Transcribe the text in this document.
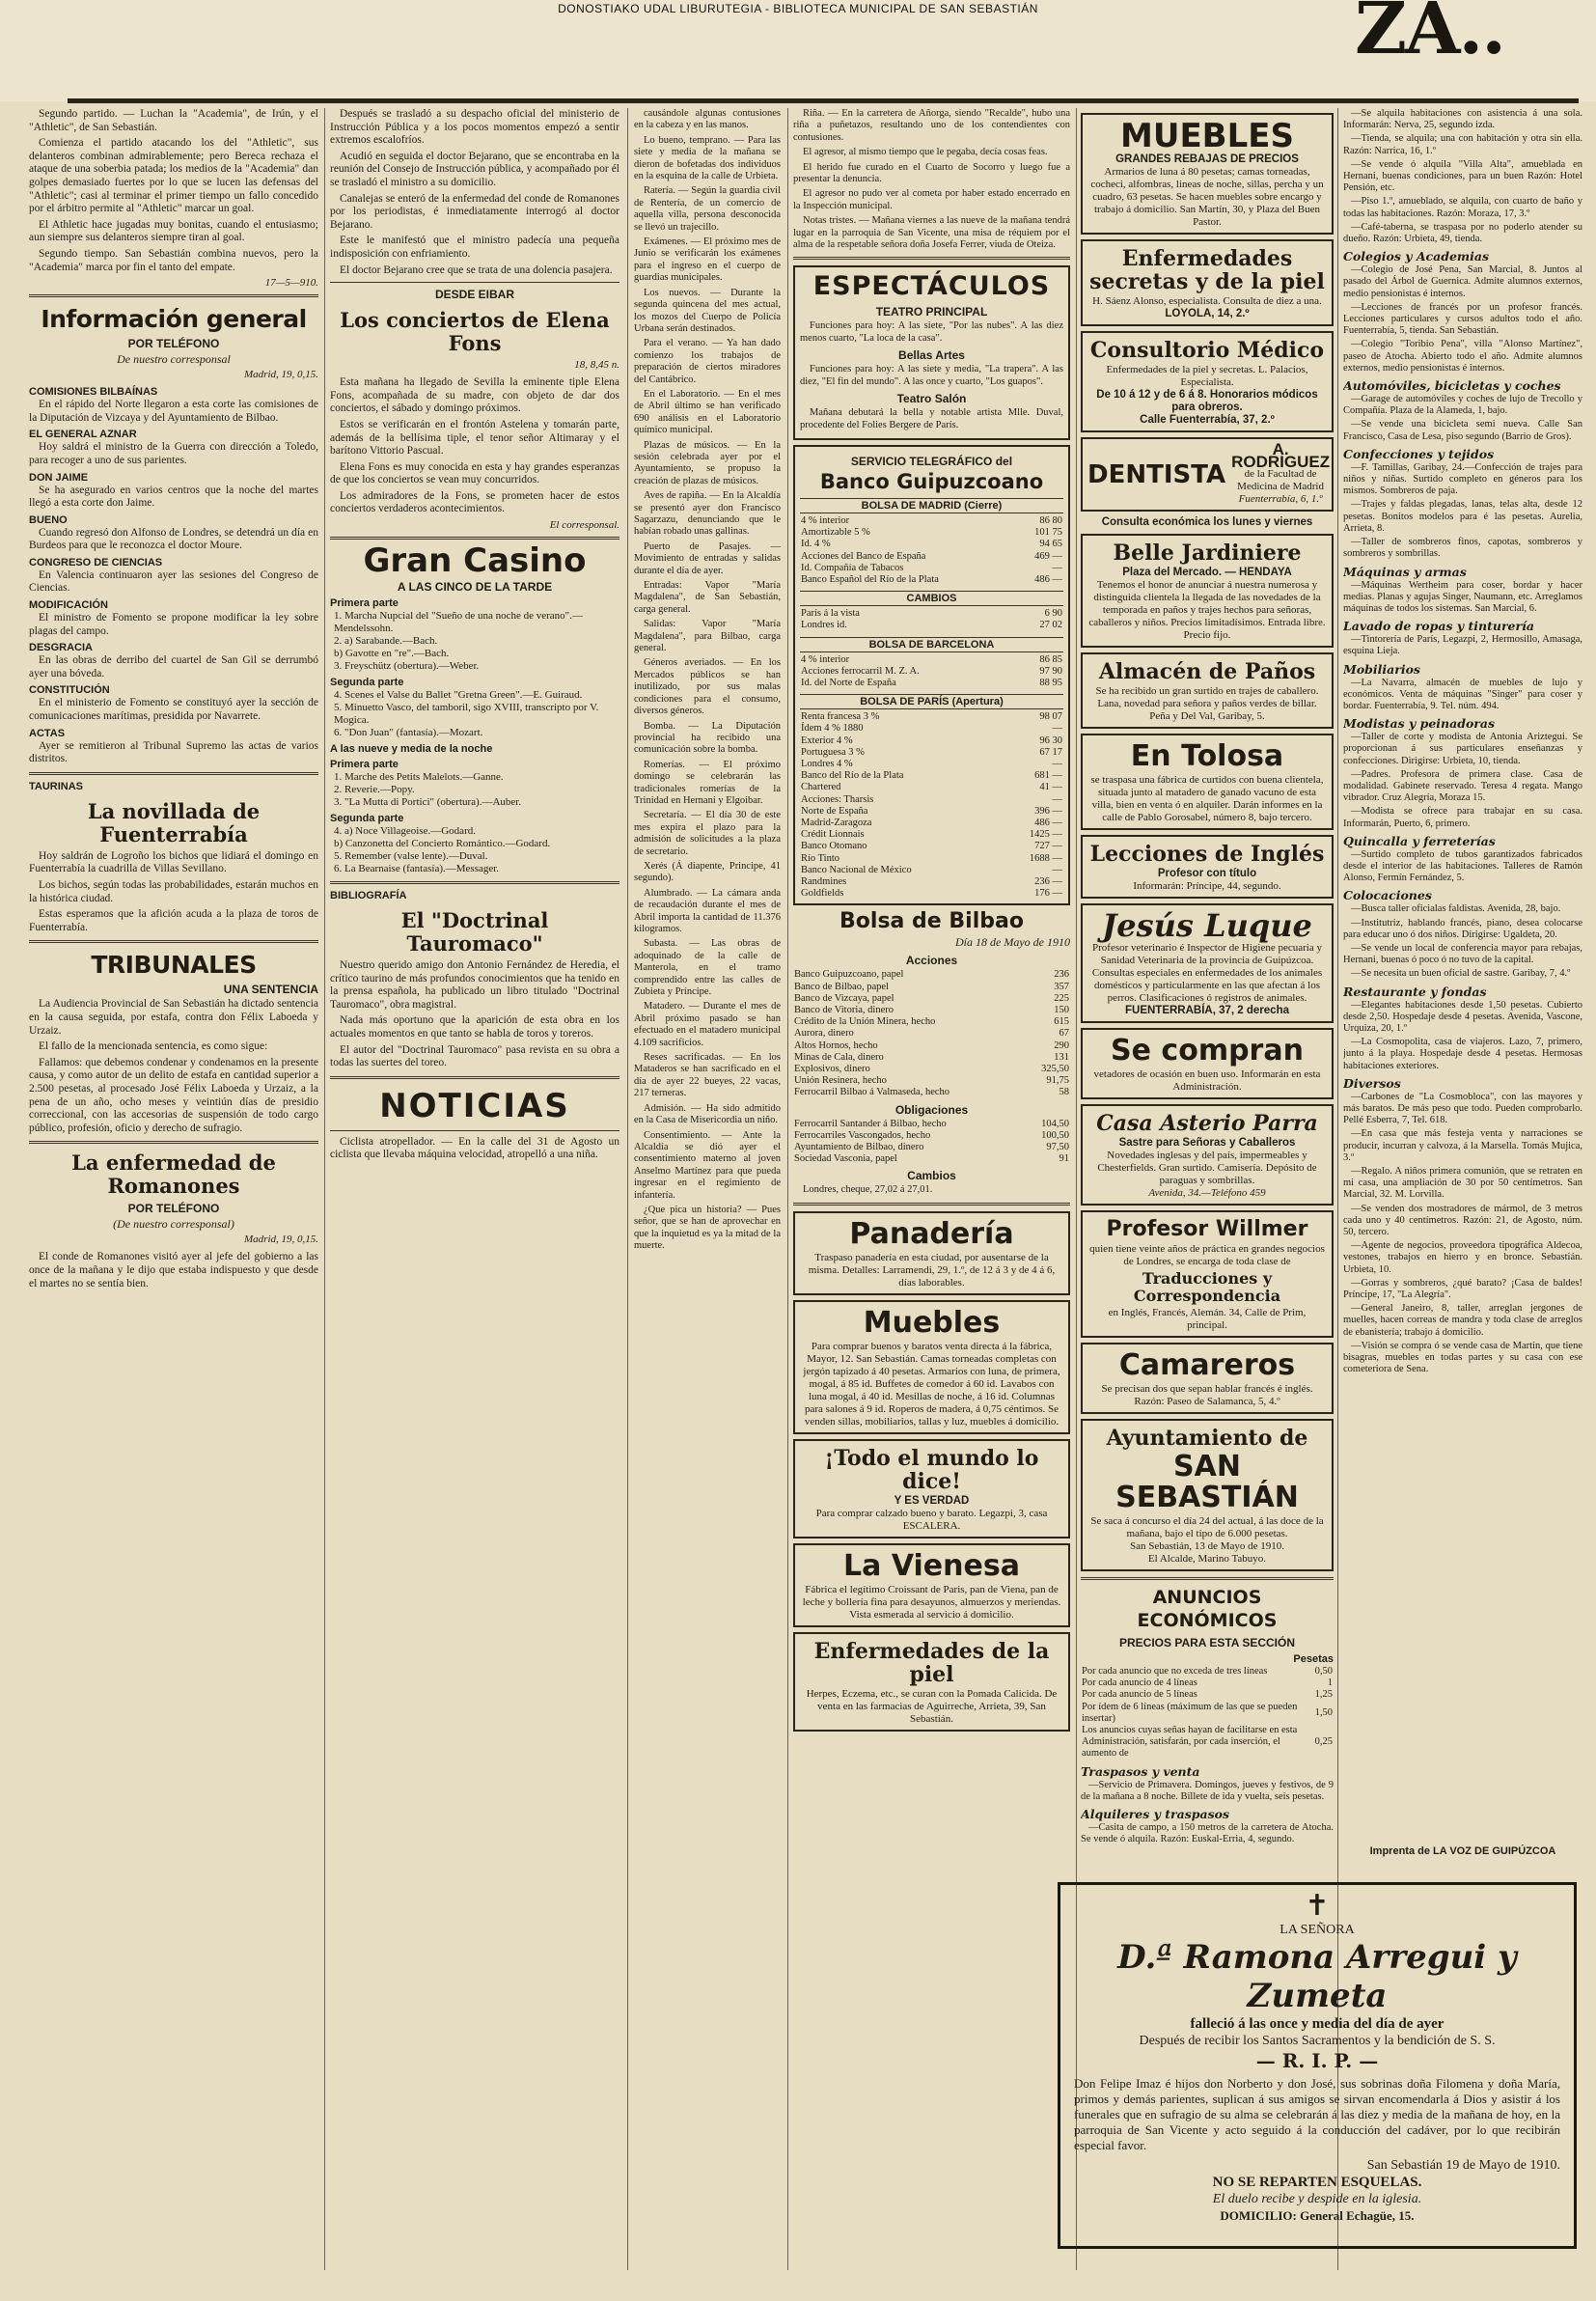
DONOSTIAKO UDAL LIBURUTEGIA - BIBLIOTECA MUNICIPAL DE SAN SEBASTIÁN	ZA..

Segundo partido. — Luchan la "Academia", de Irún, y el "Athletic", de San Sebastián.

Comienza el partido atacando los del "Athletic", sus delanteros combinan admirablemente; pero Bereca rechaza el ataque de una soberbia patada; los medios de la "Academia" dan golpes demasiado fuertes por lo que se lucen las defensas del "Athletic"; casi al terminar el primer tiempo un fallo concedido por el árbitro permite al "Athletic" marcar un goal.

El Athletic hace jugadas muy bonitas, cuando el entusiasmo; aun siempre sus delanteros siempre tiran al goal.

Segundo tiempo. San Sebastián combina nuevos, pero la "Academia" marca por fin el tanto del empate.

17—5—910.
Información general
POR TELÉFONO
De nuestro corresponsal
Madrid, 19, 0,15.
COMISIONES BILBAÍNAS

En el rápido del Norte llegaron a esta corte las comisiones de la Diputación de Vizcaya y del Ayuntamiento de Bilbao.

EL GENERAL AZNAR

Hoy saldrá el ministro de la Guerra con dirección a Toledo, para recoger a uno de sus parientes.

DON JAIME

Se ha asegurado en varios centros que la noche del martes llegó a esta corte don Jaime.

BUENO

Cuando regresó don Alfonso de Londres, se detendrá un día en Burdeos para que le reconozca el doctor Moure.

CONGRESO DE CIENCIAS

En Valencia continuaron ayer las sesiones del Congreso de Ciencias.

MODIFICACIÓN

El ministro de Fomento se propone modificar la ley sobre plagas del campo.

DESGRACIA

En las obras de derribo del cuartel de San Gil se derrumbó ayer una bóveda.

CONSTITUCIÓN

En el ministerio de Fomento se constituyó ayer la sección de comunicaciones marítimas, presidida por Navarrete.

ACTAS

Ayer se remitieron al Tribunal Supremo las actas de varios distritos.

TAURINAS
La novillada de Fuenterrabía

Hoy saldrán de Logroño los bichos que lidiará el domingo en Fuenterrabía la cuadrilla de Villas Sevillano.

Los bichos, según todas las probabilidades, estarán muchos en la histórica ciudad.

Estas esperamos que la afición acuda a la plaza de toros de Fuenterrabía.

TRIBUNALES
UNA SENTENCIA

La Audiencia Provincial de San Sebastián ha dictado sentencia en la causa seguida, por estafa, contra don Félix Laboeda y Urzaiz.

El fallo de la mencionada sentencia, es como sigue:

Fallamos: que debemos condenar y condenamos en la presente causa, y como autor de un delito de estafa en cantidad superior a 2.500 pesetas, al procesado José Félix Laboeda y Urzaiz, a la pena de un año, ocho meses y veintiún días de presidio correccional, con las accesorias de suspensión de todo cargo público, profesión, oficio y derecho de sufragio.

La enfermedad de Romanones
POR TELÉFONO
(De nuestro corresponsal)
Madrid, 19, 0,15.

El conde de Romanones visitó ayer al jefe del gobierno a las once de la mañana y le dijo que estaba indispuesto y que desde el martes no se sentía bien.

Después se trasladó a su despacho oficial del ministerio de Instrucción Pública y a los pocos momentos empezó a sentir extremos escalofríos.

Acudió en seguida el doctor Bejarano, que se encontraba en la reunión del Consejo de Instrucción pública, y acompañado por él se trasladó el ministro a su domicilio.

Canalejas se enteró de la enfermedad del conde de Romanones por los periodistas, é inmediatamente interrogó al doctor Bejarano.

Este le manifestó que el ministro padecía una pequeña indisposición con enfriamiento.

El doctor Bejarano cree que se trata de una dolencia pasajera.

DESDE EIBAR
Los conciertos de Elena Fons
18, 8,45 n.

Esta mañana ha llegado de Sevilla la eminente tiple Elena Fons, acompañada de su madre, con objeto de dar dos conciertos, el sábado y domingo próximos.

Estos se verificarán en el frontón Astelena y tomarán parte, además de la bellísima tiple, el tenor señor Altimaray y el barítono Vittorio Pascual.

Elena Fons es muy conocida en esta y hay grandes esperanzas de que los conciertos se vean muy concurridos.

Los admiradores de la Fons, se prometen hacer de estos conciertos verdaderos acontecimientos.

El corresponsal.
Gran Casino
A LAS CINCO DE LA TARDE
Primera parte
1. Marcha Nupcial del "Sueño de una noche de verano".—Mendelssohn.
2. a) Sarabande.—Bach.
b) Gavotte en "re".—Bach.
3. Freyschütz (obertura).—Weber.
Segunda parte
4. Scenes el Valse du Ballet "Gretna Green".—E. Guiraud.
5. Minuetto Vasco, del tamboril, sigo XVIII, transcripto por V. Mogica.
6. "Don Juan" (fantasía).—Mozart.
A las nueve y media de la noche
Primera parte
1. Marche des Petits Malelots.—Ganne.
2. Reverie.—Popy.
3. "La Mutta di Portici" (obertura).—Auber.
Segunda parte
4. a) Noce Villageoise.—Godard.
b) Canzonetta del Concierto Romántico.—Godard.
5. Remember (valse lente).—Duval.
6. La Bearnaise (fantasía).—Messager.
BIBLIOGRAFÍA
El "Doctrinal Tauromaco"

Nuestro querido amigo don Antonio Fernández de Heredia, el crítico taurino de más profundos conocimientos que ha tenido en la prensa española, ha publicado un libro titulado "Doctrinal Tauromaco", obra magistral.

Nada más oportuno que la aparición de esta obra en los actuales momentos en que tanto se habla de toros y toreros.

El autor del "Doctrinal Tauromaco" pasa revista en su obra a todas las suertes del toreo.

NOTICIAS

Ciclista atropellador. — En la calle del 31 de Agosto un ciclista que llevaba máquina velocidad, atropelló a una niña.

causándole algunas contusiones en la cabeza y en las manos.

Lo bueno, temprano. — Para las siete y media de la mañana se dieron de bofetadas dos individuos en la esquina de la calle de Urbieta.

Ratería. — Según la guardia civil de Rentería, de un comercio de aquella villa, persona desconocida se llevó un trajecillo.

Exámenes. — El próximo mes de Junio se verificarán los exámenes para el ingreso en el cuerpo de guardias municipales.

Los nuevos. — Durante la segunda quincena del mes actual, los mozos del Cuerpo de Policía Urbana serán destinados.

Para el verano. — Ya han dado comienzo los trabajos de preparación de ciertos miradores del Cantábrico.

En el Laboratorio. — En el mes de Abril último se han verificado 690 análisis en el Laboratorio químico municipal.

Plazas de músicos. — En la sesión celebrada ayer por el Ayuntamiento, se propuso la creación de plazas de músicos.

Aves de rapiña. — En la Alcaldía se presentó ayer don Francisco Sagarzazu, denunciando que le habían robado unas gallinas.

Puerto de Pasajes. — Movimiento de entradas y salidas durante el día de ayer.

Entradas: Vapor "María Magdalena", de San Sebastián, carga general.

Salidas: Vapor "María Magdalena", para Bilbao, carga general.

Géneros averiados. — En los Mercados públicos se han inutilizado, por sus malas condiciones para el consumo, diversos géneros.

Bomba. — La Diputación provincial ha recibido una comunicación sobre la bomba.

Romerías. — El próximo domingo se celebrarán las tradicionales romerías de la Trinidad en Hernani y Elgoibar.

Secretaría. — El día 30 de este mes expira el plazo para la admisión de solicitudes a la plaza de secretario.

Xerés (Á diapente, Principe, 41 segundo).

Alumbrado. — La cámara anda de recaudación durante el mes de Abril importa la cantidad de 11.376 kilogramos.

Subasta. — Las obras de adoquinado de la calle de Manterola, en el tramo comprendido entre las calles de Zubieta y Príncipe.

Matadero. — Durante el mes de Abril próximo pasado se han efectuado en el matadero municipal 4.109 sacrificios.

Reses sacrificadas. — En los Mataderos se han sacrificado en el día de ayer 22 bueyes, 22 vacas, 217 terneras.

Admisión. — Ha sido admitido en la Casa de Misericordia un niño.

Consentimiento. — Ante la Alcaldía se dió ayer el consentimiento materno al joven Anselmo Martínez para que pueda ingresar en el regimiento de infantería.

¿Que pica un historia? — Pues señor, que se han de aprovechar en que la inquietud es ya la mitad de la muerte.

Riña. — En la carretera de Añorga, siendo "Recalde", hubo una riña a puñetazos, resultando uno de los contendientes con contusiones.

El agresor, al mismo tiempo que le pegaba, decía cosas feas.

El herido fue curado en el Cuarto de Socorro y luego fue a presentar la denuncia.

El agresor no pudo ver al cometa por haber estado encerrado en la Inspección municipal.

Notas tristes. — Mañana viernes a las nueve de la mañana tendrá lugar en la parroquia de San Vicente, una misa de réquiem por el alma de la respetable señora doña Josefa Ferrer, viuda de Oteiza.

ESPECTÁCULOS
TEATRO PRINCIPAL

Funciones para hoy: A las siete, "Por las nubes". A las diez menos cuarto, "La loca de la casa".

Bellas Artes

Funciones para hoy: A las siete y media, "La trapera". A las diez, "El fin del mundo". A las once y cuarto, "Los guapos".

Teatro Salón

Mañana debutará la bella y notable artista Mlle. Duval, procedente del Folies Bergere de París.

SERVICIO TELEGRÁFICO del
Banco Guipuzcoano
BOLSA DE MADRID (Cierre)
4 % interior	86 80
Amortizable 5 %	101 75
Id. 4 %	94 65
Acciones del Banco de España	469 —
Id. Compañía de Tabacos	—
Banco Español del Río de la Plata	486 —
CAMBIOS
París á la vista	6 90
Londres id.	27 02
BOLSA DE BARCELONA
4 % interior	86 85
Acciones ferrocarril M. Z. A.	97 90
Id. del Norte de España	88 95
BOLSA DE PARÍS (Apertura)
Renta francesa 3 %	98 07
Ídem 4 % 1880	—
Exterior 4 %	96 30
Portuguesa 3 %	67 17
Londres 4 %	—
Banco del Río de la Plata	681 —
Chartered	41 —
Acciones: Tharsis	—
Norte de España	396 —
Madrid-Zaragoza	486 —
Crédit Lionnais	1425 —
Banco Otomano	727 —
Río Tinto	1688 —
Banco Nacional de México	—
Randmines	236 —
Goldfields	176 —
Bolsa de Bilbao
Día 18 de Mayo de 1910
Acciones
Banco Guipuzcoano, papel	236
Banco de Bilbao, papel	357
Banco de Vizcaya, papel	225
Banco de Vitoria, dinero	150
Crédito de la Unión Minera, hecho	615
Aurora, dinero	67
Altos Hornos, hecho	290
Minas de Cala, dinero	131
Explosivos, dinero	325,50
Unión Resinera, hecho	91,75
Ferrocarril Bilbao á Valmaseda, hecho	58
Obligaciones
Ferrocarril Santander á Bilbao, hecho	104,50
Ferrocarriles Vascongados, hecho	100,50
Ayuntamiento de Bilbao, dinero	97,50
Sociedad Vasconia, papel	91
Cambios

Londres, cheque, 27,02 á 27,01.

Panadería
Traspaso panadería en esta ciudad, por ausentarse de la misma. Detalles: Larramendi, 29, 1.º, de 12 á 3 y de 4 á 6, días laborables.
Muebles
Para comprar buenos y baratos venta directa á la fábrica, Mayor, 12. San Sebastián. Camas torneadas completas con jergón tapizado á 40 pesetas. Armarios con luna, de primera, mogal, á 85 id. Buffetes de comedor á 60 id. Lavabos con luna mogal, á 40 id. Mesillas de noche, á 16 id. Columnas para salones á 9 id. Roperos de madera, á 0,75 céntimos. Se venden sillas, mobiliarios, tallas y luz, muebles á domicilio.
¡Todo el mundo lo dice!
Y ES VERDAD
Para comprar calzado bueno y barato. Legazpi, 3, casa ESCALERA.
La Vienesa
Fábrica el legítimo Croissant de Paris, pan de Viena, pan de leche y bollería fina para desayunos, almuerzos y meriendas. Vista esmerada al servicio á domicilio.
Enfermedades de la piel
Herpes, Eczema, etc., se curan con la Pomada Calicida. De venta en las farmacias de Aguirreche, Arrieta, 39, San Sebastián.
MUEBLES
GRANDES REBAJAS DE PRECIOS
Armarios de luna á 80 pesetas; camas torneadas, cocheci, alfombras, lineas de noche, sillas, percha y un cuadro, 63 pesetas. Se hacen muebles sobre encargo y trabajo á domicilio. San Martín, 30, y Plaza del Buen Pastor.
Enfermedades secretas y de la piel
H. Sáenz Alonso, especialista. Consulta de diez a una.
LOYOLA, 14, 2.º
Consultorio Médico
Enfermedades de la piel y secretas. L. Palacios, Especialista.
De 10 á 12 y de 6 á 8. Honorarios módicos para obreros.
Calle Fuenterrabía, 37, 2.º
DENTISTA
A. RODRIGUEZ
de la Facultad de Medicina de Madrid
Fuenterrabía, 6, 1.º
Consulta económica los lunes y viernes
Belle Jardiniere
Plaza del Mercado. — HENDAYA
Tenemos el honor de anunciar á nuestra numerosa y distinguida clientela la llegada de las novedades de la temporada en paños y trajes hechos para señoras, caballeros y niños. Precios limitadísimos. Entrada libre. Precio fijo.
Almacén de Paños
Se ha recibido un gran surtido en trajes de caballero. Lana, novedad para señora y paños verdes de billar. Peña y Del Val, Garibay, 5.
En Tolosa
se traspasa una fábrica de curtidos con buena clientela, situada junto al matadero de ganado vacuno de esta villa, bien en venta ó en alquiler. Darán informes en la calle de Pablo Gorosabel, número 8, bajo tercero.
Lecciones de Inglés
Profesor con título
Informarán: Príncipe, 44, segundo.
Jesús Luque
Profesor veterinario é Inspector de Higiene pecuaria y Sanidad Veterinaria de la provincia de Guipúzcoa. Consultas especiales en enfermedades de los animales domésticos y particularmente en las que afectan á los perros. Clasificaciones ó registros de animales.
FUENTERRABÍA, 37, 2 derecha
Se compran
vetadores de ocasión en buen uso. Informarán en esta Administración.
Casa Asterio Parra
Sastre para Señoras y Caballeros
Novedades inglesas y del país, impermeables y Chesterfields. Gran surtido. Camisería. Depósito de paraguas y sombrillas.
Avenida, 34.—Teléfono 459
Profesor Willmer
quien tiene veinte años de práctica en grandes negocios de Londres, se encarga de toda clase de
Traducciones y Correspondencia
en Inglés, Francés, Alemán. 34, Calle de Prim, principal.
Camareros
Se precisan dos que sepan hablar francés é inglés. Razón: Paseo de Salamanca, 5, 4.º
Ayuntamiento de
SAN SEBASTIÁN
Se saca á concurso el día 24 del actual, á las doce de la mañana, bajo el tipo de 6.000 pesetas.
San Sebastián, 13 de Mayo de 1910.
El Alcalde, Marino Tabuyo.
ANUNCIOS ECONÓMICOS
PRECIOS PARA ESTA SECCIÓN
Pesetas
Por cada anuncio que no exceda de tres líneas	0,50
Por cada anuncio de 4 líneas	1
Por cada anuncio de 5 líneas	1,25
Por ídem de 6 líneas (máximum de las que se pueden insertar)	1,50
Los anuncios cuyas señas hayan de facilitarse en esta Administración, satisfarán, por cada inserción, el aumento de	0,25
Traspasos y venta

—Servicio de Primavera. Domingos, jueves y festivos, de 9 de la mañana a 8 noche. Billete de ida y vuelta, seis pesetas.

Alquileres y traspasos

—Casita de campo, a 150 metros de la carretera de Atocha. Se vende ó alquila. Razón: Euskal-Erria, 4, segundo.

—Se alquila habitaciones con asistencia á una sola. Informarán: Nerva, 25, segundo izda.

—Tienda, se alquila; una con habitación y otra sin ella. Razón: Narrica, 16, 1.º

—Se vende ó alquila "Villa Alta", amueblada en Hernani, buenas condiciones, para un buen Razón: Hotel Pensión, etc.

—Piso 1.º, amueblado, se alquila, con cuarto de baño y todas las habitaciones. Razón: Moraza, 17, 3.º

—Café-taberna, se traspasa por no poderlo atender su dueño. Razón: Urbieta, 49, tienda.

Colegios y Academias

—Colegio de José Pena, San Marcial, 8. Juntos al pasado del Árbol de Guernica. Admite alumnos externos, medio pensionistas é internos.

—Lecciones de francés por un profesor francés. Lecciones particulares y cursos adultos todo el año. Fuenterrabía, 5, tienda. San Sebastián.

—Colegio "Toribio Pena", villa "Alonso Martínez", paseo de Atocha. Abierto todo el año. Admite alumnos externos, medio pensionistas é internos.

Automóviles, bicicletas y coches

—Garage de automóviles y coches de lujo de Trecollo y Compañía. Plaza de la Alameda, 1, bajo.

—Se vende una bicicleta semi nueva. Calle San Francisco, Casa de Lesa, piso segundo (Barrio de Gros).

Confecciones y tejidos

—F. Tamillas, Garibay, 24.—Confección de trajes para niños y niñas. Surtido completo en géneros para los mismos. Sombreros de paja.

—Trajes y faldas plegadas, lanas, telas alta, desde 12 pesetas. Bonitos modelos para é las pesetas. Aurelia, Arrieta, 8.

—Taller de sombreros finos, capotas, sombreros y sombreros y sombrillas.

Máquinas y armas

—Máquinas Wertheim para coser, bordar y hacer medias. Planas y agujas Singer, Naumann, etc. Arreglamos máquinas de todos los sistemas. San Marcial, 6.

Lavado de ropas y tinturería

—Tintorería de París, Legazpi, 2, Hermosillo, Amasaga, esquina Lieja.

Mobiliarios

—La Navarra, almacén de muebles de lujo y económicos. Venta de máquinas "Singer" para coser y bordar. Fuenterrabía, 9. Tel. núm. 494.

Modistas y peinadoras

—Taller de corte y modista de Antonia Ariztegui. Se proporcionan á sus particulares enseñanzas y confecciones. Dirigirse: Urbieta, 10, tienda.

—Padres. Profesora de primera clase. Casa de modalidad. Gabinete reservado. Teresa 4 regata. Mango vibrador. Cruz Alegría, Moraza 15.

—Modista se ofrece para trabajar en su casa. Informarán, Puerto, 6, primero.

Quincalla y ferreterías

—Surtido completo de tubos garantizados fabricados desde el interior de las habitaciones. Talleres de Ramón Alonso, Fermín Fernández, 5.

Colocaciones

—Busca taller oficialas faldistas. Avenida, 28, bajo.

—Institutriz, hablando francés, piano, desea colocarse para educar uno ó dos niños. Dirigirse: Ugaldeta, 20.

—Se vende un local de conferencia mayor para rebajas, Hernani, buenas ó poco ó no tuvo de la capital.

—Se necesita un buen oficial de sastre. Garibay, 7, 4.º

Restaurante y fondas

—Elegantes habitaciones desde 1,50 pesetas. Cubierto desde 2,50. Hospedaje desde 4 pesetas. Avenida, Vascone, Urquiza, 20, 1.º

—La Cosmopolita, casa de viajeros. Lazo, 7, primero, junto á la playa. Hospedaje desde 4 pesetas. Hermosas habitaciones exteriores.

Diversos

—Carbones de "La Cosmobloca", con las mayores y más baratos. De más peso que todo. Pueden comprobarlo. Pellé Esberra, 7, Tel. 618.

—En casa que más festeja venta y narraciones se producir, incurran y calvoza, á la Marsella. Tomás Mujica, 3.º

—Regalo. A niños primera comunión, que se retraten en mi casa, una ampliación de 30 por 50 centímetros. San Marcial, 32. M. Lorvilla.

—Se venden dos mostradores de mármol, de 3 metros cada uno y 40 centímetros. Razón: 21, de Agosto, núm. 50, tercero.

—Agente de negocios, proveedora tipográfica Aldecoa, vestones, trabajos en hierro y en bronce. Sebastián. Urbieta, 10.

—Gorras y sombreros, ¿qué barato? ¡Casa de baldes! Príncipe, 17, "La Alegría".

—General Janeiro, 8, taller, arreglan jergones de muelles, hacen correas de mandra y toda clase de arreglos de ebanistería; trabajo á domicilio.

—Visión se compra ó se vende casa de Martín, que tiene bisagras, muebles en todas partes y su casa con ese cometeriora de Sena.

Imprenta de LA VOZ DE GUIPÚZCOA
✝
LA SEÑORA
D.ª Ramona Arregui y Zumeta
falleció á las once y media del día de ayer
Después de recibir los Santos Sacramentos y la bendición de S. S.
— R. I. P. —

Don Felipe Imaz é hijos don Norberto y don José, sus sobrinas doña Filomena y doña María, primos y demás parientes, suplican á sus amigos se sirvan encomendarla á Dios y asistir á los funerales que en sufragio de su alma se celebrarán á las diez y media de la mañana de hoy, en la parroquia de San Vicente y acto seguido á la conducción del cadáver, por lo que recibirán especial favor.

San Sebastián 19 de Mayo de 1910.
NO SE REPARTEN ESQUELAS.
El duelo recibe y despide en la iglesia.
DOMICILIO: General Echagüe, 15.
